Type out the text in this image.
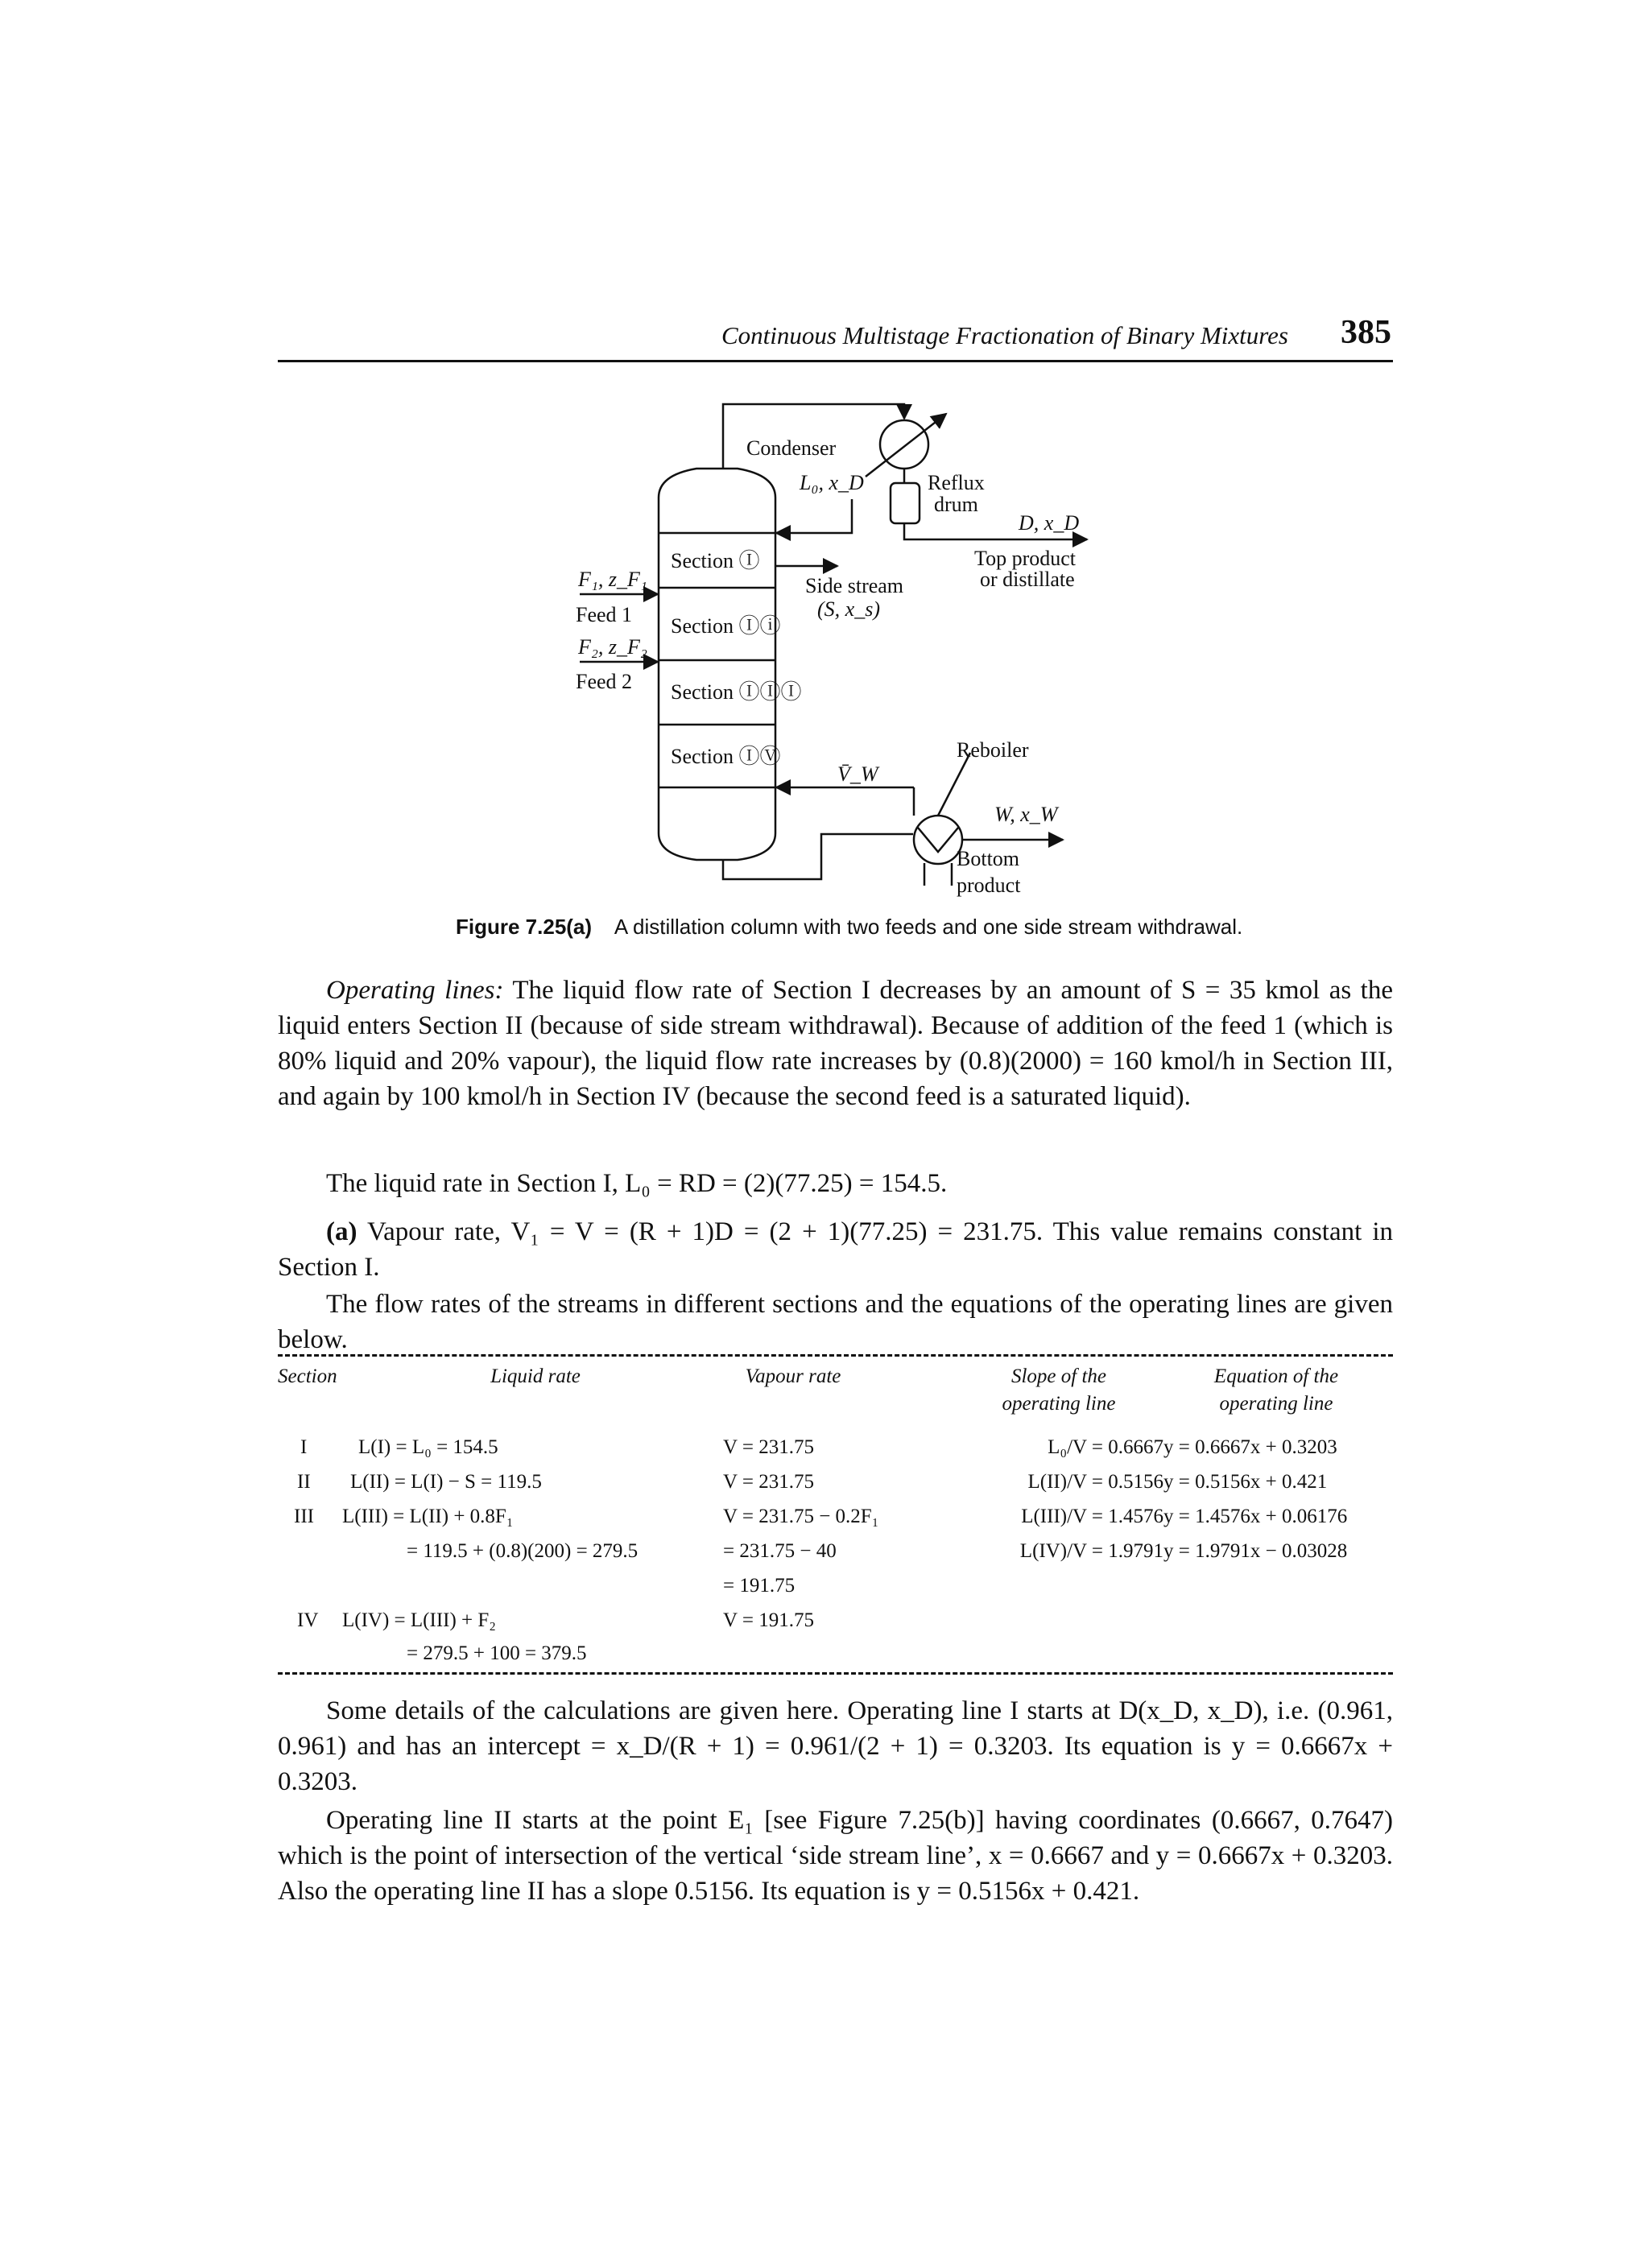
Continuous Multistage Fractionation of Binary Mixtures 385
Condenser
L₀, x_D	Reflux
drum
D, x_D
Top product
or distillate
Section Ⓘ
Section Ⓘⓘ
Section ⒾⒾⒾ
Section ⒾⓋ
Side stream
(S, x_s)
F₁, z_F₁
Feed 1
F₂, z_F₂
Feed 2
Reboiler
V̄_W
W, x_W
Bottom
product
Figure 7.25(a) A distillation column with two feeds and one side stream withdrawal.
Operating lines: The liquid flow rate of Section I decreases by an amount of S = 35 kmol as the liquid enters Section II (because of side stream withdrawal). Because of addition of the feed 1 (which is 80% liquid and 20% vapour), the liquid flow rate increases by (0.8)(2000) = 160 kmol/h in Section III, and again by 100 kmol/h in Section IV (because the second feed is a saturated liquid).
The liquid rate in Section I, L₀ = RD = (2)(77.25) = 154.5.
(a) Vapour rate, V₁ = V = (R + 1)D = (2 + 1)(77.25) = 231.75. This value remains constant in Section I.
The flow rates of the streams in different sections and the equations of the operating lines are given below.
Section	Liquid rate	Vapour rate	Slope of the
operating line
Equation of the
operating line
I	L(I) = L₀ = 154.5	V = 231.75	L₀/V = 0.6667 y = 0.6667x + 0.3203
II L(II) = L(I) − S = 119.5	V = 231.75	L(II)/V = 0.5156 y = 0.5156x + 0.421
III L(III) = L(II) + 0.8F₁	V = 231.75 − 0.2F₁	L(III)/V = 1.4576 y = 1.4576x + 0.06176
= 119.5 + (0.8)(200) = 279.5	= 231.75 − 40	L(IV)/V = 1.9791 y = 1.9791x − 0.03028
= 191.75
IV L(IV) = L(III) + F₂	V = 191.75
= 279.5 + 100 = 379.5

Some details of the calculations are given here. Operating line I starts at D(x_D, x_D), i.e. (0.961, 0.961) and has an intercept = x_D/(R + 1) = 0.961/(2 + 1) = 0.3203. Its equation is y = 0.6667x + 0.3203.

Operating line II starts at the point E₁ [see Figure 7.25(b)] having coordinates (0.6667, 0.7647) which is the point of intersection of the vertical ‘side stream line’, x = 0.6667 and y = 0.6667x + 0.3203. Also the operating line II has a slope 0.5156. Its equation is y = 0.5156x + 0.421.
